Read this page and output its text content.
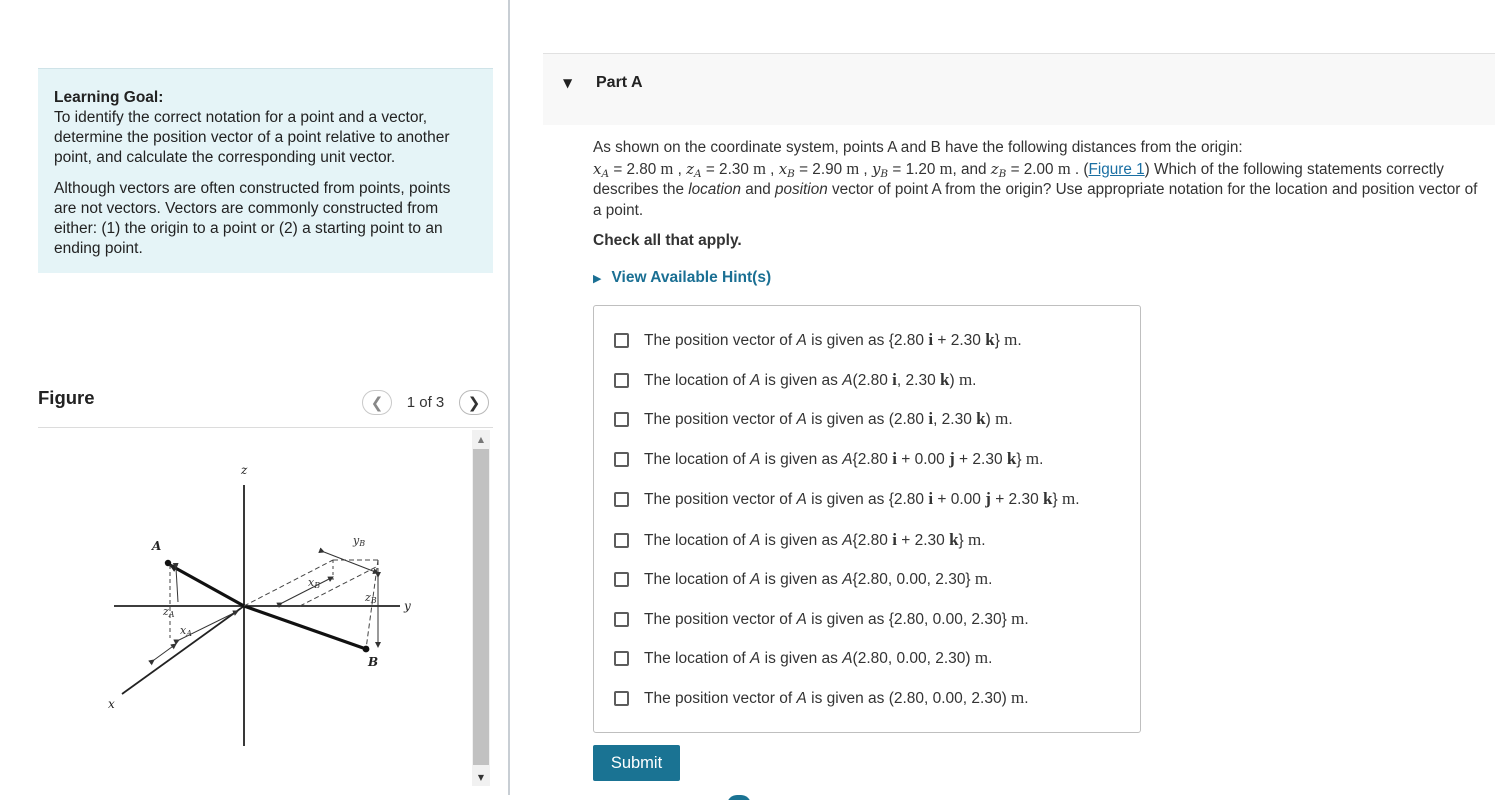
Learning Goal:
To identify the correct notation for a point and a vector, determine the position vector of a point relative to another point, and calculate the corresponding unit vector.
Although vectors are often constructed from points, points are not vectors. Vectors are commonly constructed from either: (1) the origin to a point or (2) a starting point to an ending point.
Figure	❮	1 of 3	❯
z
y
x
A
B
yB
xB
zB
zA
xA
▲
▼
▼ Part A
As shown on the coordinate system, points A and B have the following distances from the origin:
$x_A = 2.80$ m , $z_A = 2.30$ m , $x_B = 2.90$ m , $y_B = 1.20$ m, and $z_B = 2.00$ m . (Figure 1) Which of the following statements correctly describes the location and position vector of point A from the origin? Use appropriate notation for the location and position vector of a point.
Check all that apply.
▶ View Available Hint(s)
The position vector of A is given as {2.80 i + 2.30 k} m.
The location of A is given as A(2.80 i, 2.30 k) m.
The position vector of A is given as (2.80 i, 2.30 k) m.
The location of A is given as A{2.80 i + 0.00 j + 2.30 k} m.
The position vector of A is given as {2.80 i + 0.00 j + 2.30 k} m.
The location of A is given as A{2.80 i + 2.30 k} m.
The location of A is given as A{2.80, 0.00, 2.30} m.
The position vector of A is given as {2.80, 0.00, 2.30} m.
The location of A is given as A(2.80, 0.00, 2.30) m.
The position vector of A is given as (2.80, 0.00, 2.30) m.
Submit
